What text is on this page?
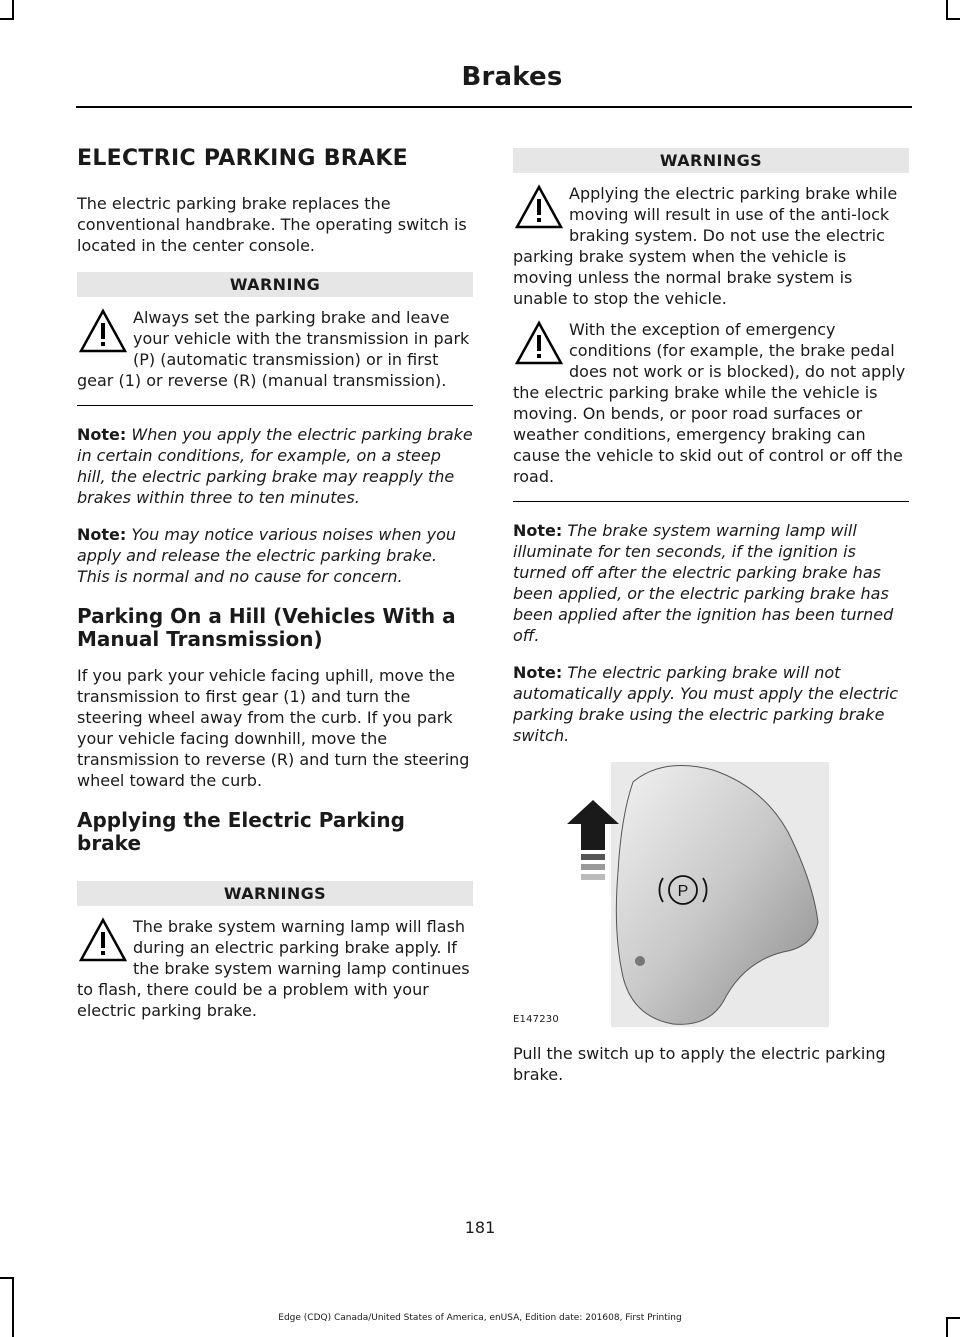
Brakes
ELECTRIC PARKING BRAKE

The electric parking brake replaces the conventional handbrake. The operating switch is located in the center console.

WARNING
Always set the parking brake and leave your vehicle with the transmission in park (P) (automatic transmission) or in first gear (1) or reverse (R) (manual transmission).

Note: When you apply the electric parking brake in certain conditions, for example, on a steep hill, the electric parking brake may reapply the brakes within three to ten minutes.

Note: You may notice various noises when you apply and release the electric parking brake. This is normal and no cause for concern.

Parking On a Hill (Vehicles With a Manual Transmission)

If you park your vehicle facing uphill, move the transmission to first gear (1) and turn the steering wheel away from the curb. If you park your vehicle facing downhill, move the transmission to reverse (R) and turn the steering wheel toward the curb.

Applying the Electric Parking brake
WARNINGS
The brake system warning lamp will flash during an electric parking brake apply. If the brake system warning lamp continues to flash, there could be a problem with your electric parking brake.
WARNINGS
Applying the electric parking brake while moving will result in use of the anti-lock braking system. Do not use the electric parking brake system when the vehicle is moving unless the normal brake system is unable to stop the vehicle.
With the exception of emergency conditions (for example, the brake pedal does not work or is blocked), do not apply the electric parking brake while the vehicle is moving. On bends, or poor road surfaces or weather conditions, emergency braking can cause the vehicle to skid out of control or off the road.

Note: The brake system warning lamp will illuminate for ten seconds, if the ignition is turned off after the electric parking brake has been applied, or the electric parking brake has been applied after the ignition has been turned off.

Note: The electric parking brake will not automatically apply. You must apply the electric parking brake using the electric parking brake switch.

P
E147230

Pull the switch up to apply the electric parking brake.

181
Edge (CDQ) Canada/United States of America, enUSA, Edition date: 201608, First Printing
